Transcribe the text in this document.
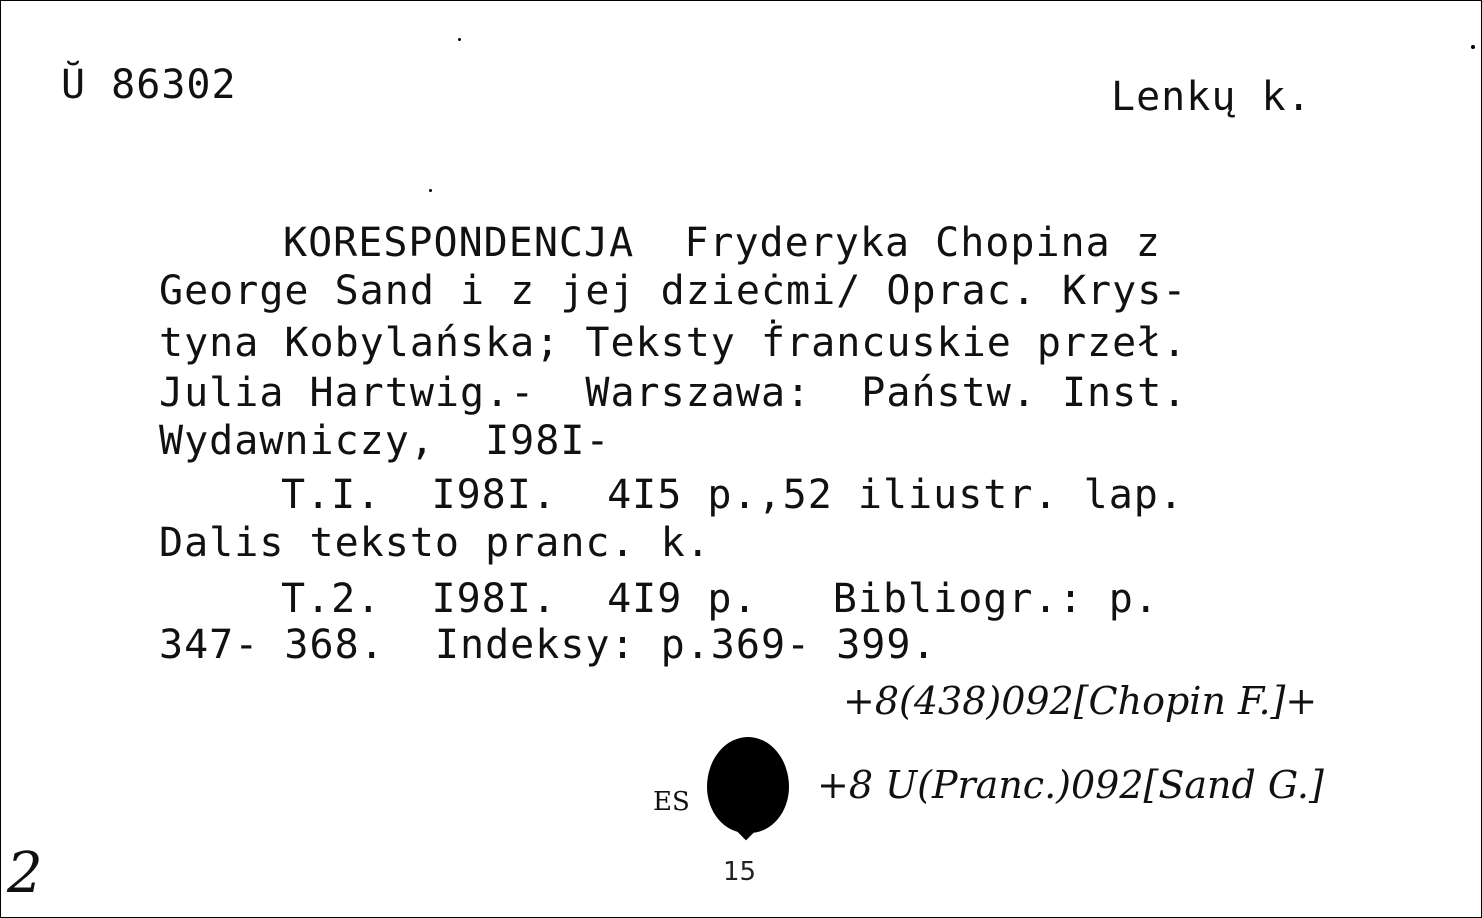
Ŭ 86302	Lenkų k.
KORESPONDENCJA  Fryderyka Chopina z
George Sand i z jej dzieċmi/ Oprac. Krys-
tyna Kobylańska; Teksty ḟrancuskie przeł.
Julia Hartwig.-  Warszawa:  Państw. Inst.
Wydawniczy,  I98I-
T.I.  I98I.  4I5 p.,52 iliustr. lap.
Dalis teksto pranc. k.
T.2.  I98I.  4I9 p.   Bibliogr.: p.
347- 368.  Indeksy: p.369- 399.
+8(438)092[Chopin F.]+
+8 U(Pranc.)092[Sand G.]
ES
15
2
